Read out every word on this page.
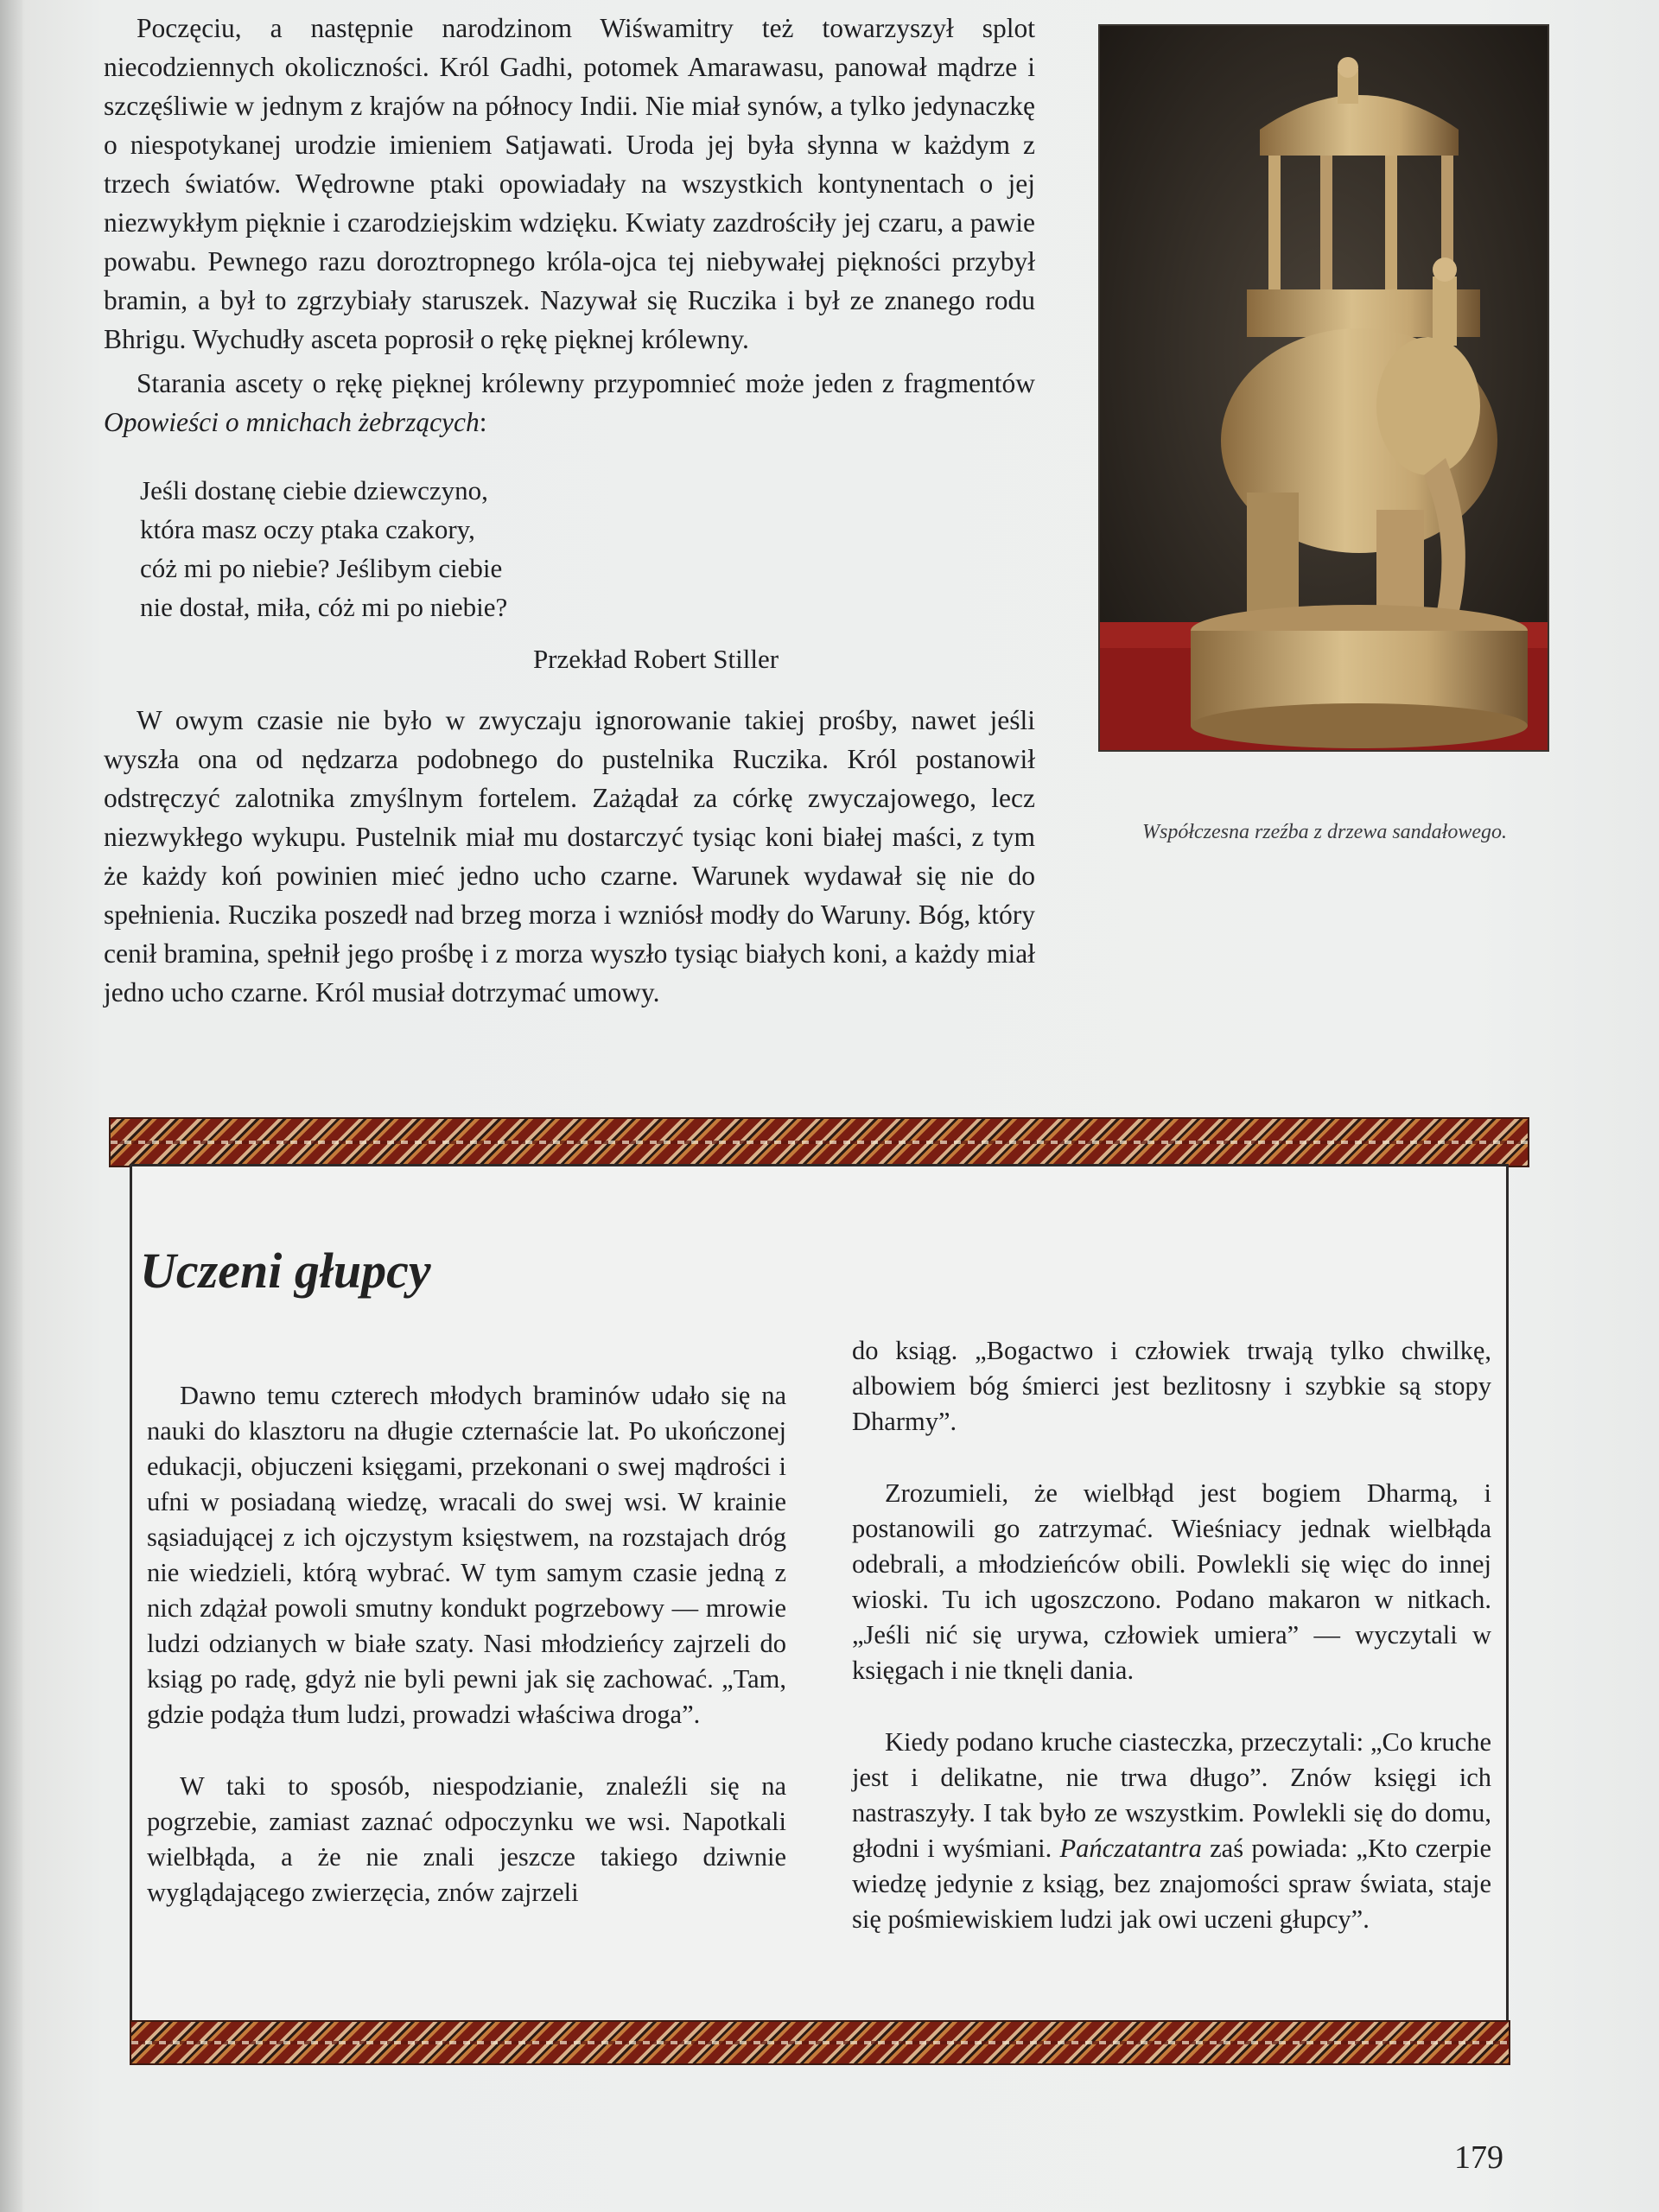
Poczęciu, a następnie narodzinom Wiśwamitry też towarzyszył splot niecodziennych okoliczności. Król Gadhi, potomek Amarawasu, panował mądrze i szczęśliwie w jednym z krajów na północy Indii. Nie miał synów, a tylko jedynaczkę o niespotykanej urodzie imieniem Satjawati. Uroda jej była słynna w każdym z trzech światów. Wędrowne ptaki opowiadały na wszystkich kontynentach o jej niezwykłym pięknie i czarodziejskim wdzięku. Kwiaty zazdrościły jej czaru, a pawie powabu. Pewnego razu doroztropnego króla-ojca tej niebywałej piękności przybył bramin, a był to zgrzybiały staruszek. Nazywał się Ruczika i był ze znanego rodu Bhrigu. Wychudły asceta poprosił o rękę pięknej królewny.

Starania ascety o rękę pięknej królewny przypomnieć może jeden z fragmentów Opowieści o mnichach żebrzących:

Jeśli dostanę ciebie dziewczyno,
która masz oczy ptaka czakory,
cóż mi po niebie? Jeślibym ciebie
nie dostał, miła, cóż mi po niebie?
Przekład Robert Stiller

W owym czasie nie było w zwyczaju ignorowanie takiej prośby, nawet jeśli wyszła ona od nędzarza podobnego do pustelnika Ruczika. Król postanowił odstręczyć zalotnika zmyślnym fortelem. Zażądał za córkę zwyczajowego, lecz niezwykłego wykupu. Pustelnik miał mu dostarczyć tysiąc koni białej maści, z tym że każdy koń powinien mieć jedno ucho czarne. Warunek wydawał się nie do spełnienia. Ruczika poszedł nad brzeg morza i wzniósł modły do Waruny. Bóg, który cenił bramina, spełnił jego prośbę i z morza wyszło tysiąc białych koni, a każdy miał jedno ucho czarne. Król musiał dotrzymać umowy.

Współczesna rzeźba z drzewa sandałowego.
Uczeni głupcy

Dawno temu czterech młodych braminów udało się na nauki do klasztoru na długie czternaście lat. Po ukończonej edukacji, objuczeni księgami, przekonani o swej mądrości i ufni w posiadaną wiedzę, wracali do swej wsi. W krainie sąsiadującej z ich ojczystym księstwem, na rozstajach dróg nie wiedzieli, którą wybrać. W tym samym czasie jedną z nich zdążał powoli smutny kondukt pogrzebowy — mrowie ludzi odzianych w białe szaty. Nasi młodzieńcy zajrzeli do ksiąg po radę, gdyż nie byli pewni jak się zachować. „Tam, gdzie podąża tłum ludzi, prowadzi właściwa droga”.

W taki to sposób, niespodzianie, znaleźli się na pogrzebie, zamiast zaznać odpoczynku we wsi. Napotkali wielbłąda, a że nie znali jeszcze takiego dziwnie wyglądającego zwierzęcia, znów zajrzeli

do ksiąg. „Bogactwo i człowiek trwają tylko chwilkę, albowiem bóg śmierci jest bezlitosny i szybkie są stopy Dharmy”.

Zrozumieli, że wielbłąd jest bogiem Dharmą, i postanowili go zatrzymać. Wieśniacy jednak wielbłąda odebrali, a młodzieńców obili. Powlekli się więc do innej wioski. Tu ich ugoszczono. Podano makaron w nitkach. „Jeśli nić się urywa, człowiek umiera” — wyczytali w księgach i nie tknęli dania.

Kiedy podano kruche ciasteczka, przeczytali: „Co kruche jest i delikatne, nie trwa długo”. Znów księgi ich nastraszyły. I tak było ze wszystkim. Powlekli się do domu, głodni i wyśmiani. Pańczatantra zaś powiada: „Kto czerpie wiedzę jedynie z ksiąg, bez znajomości spraw świata, staje się pośmiewiskiem ludzi jak owi uczeni głupcy”.

179
